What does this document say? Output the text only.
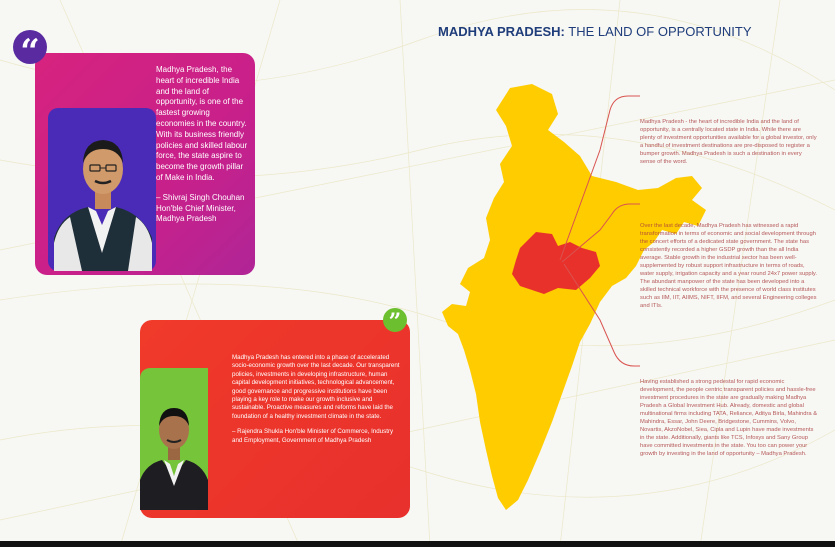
“	Madhya Pradesh, the heart of incredible India and the land of opportunity, is one of the fastest growing economies in the country. With its business friendly policies and skilled labour force, the state aspire to become the growth pillar of Make in India.
– Shivraj Singh Chouhan Hon'ble Chief Minister, Madhya Pradesh
Madhya Pradesh has entered into a phase of accelerated socio-economic growth over the last decade. Our transparent policies, investments in developing infrastructure, human capital development initiatives, technological advancement, good governance and progressive institutions have been playing a key role to make our growth inclusive and sustainable. Proactive measures and reforms have laid the foundation of a healthy investment climate in the state.
– Rajendra Shukla Hon'ble Minister of Commerce, Industry and Employment, Government of Madhya Pradesh
”
MADHYA PRADESH: THE LAND OF OPPORTUNITY
Madhya Pradesh - the heart of incredible India and the land of opportunity, is a centrally located state in India. While there are plenty of investment opportunities available for a global investor, only a handful of investment destinations are pre-disposed to register a bumper growth. Madhya Pradesh is such a destination in every sense of the word.
Over the last decade, Madhya Pradesh has witnessed a rapid transformation in terms of economic and social development through the concert efforts of a dedicated state government. The state has consistently recorded a higher GSDP growth than the all India average. Stable growth in the industrial sector has been well-supplemented by robust support infrastructure in terms of roads, water supply, irrigation capacity and a year round 24x7 power supply. The abundant manpower of the state has been developed into a skilled technical workforce with the presence of world class institutes such as IIM, IIT, AIIMS, NIFT, IIFM, and several Engineering colleges and ITIs.
Having established a strong pedestal for rapid economic development, the people centric transparent policies and hassle-free investment procedures in the state are gradually making Madhya Pradesh a Global Investment Hub. Already, domestic and global multinational firms including TATA, Reliance, Aditya Birla, Mahindra & Mahindra, Essar, John Deere, Bridgestone, Cummins, Volvo, Novartis, AkzoNobel, Siea, Cipla and Lupin have made investments in the state. Additionally, giants like TCS, Infosys and Sany Group have committed investments in the state. You too can power your growth by investing in the land of opportunity – Madhya Pradesh.
